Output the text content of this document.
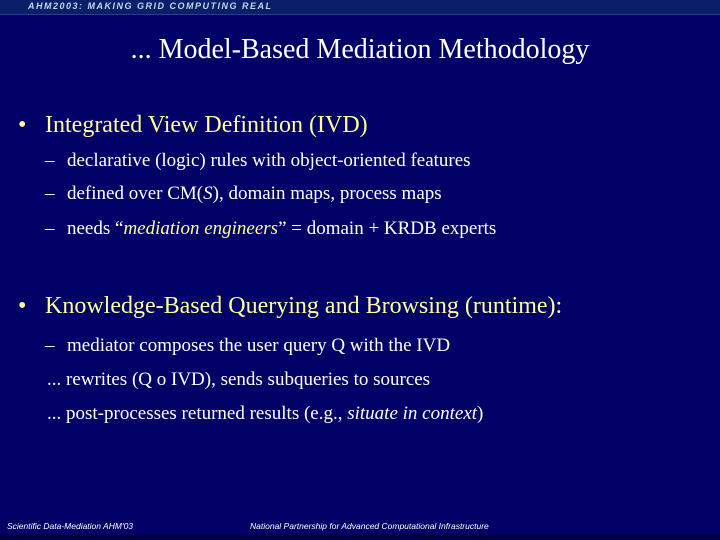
AHM2003: MAKING GRID COMPUTING REAL
... Model-Based Mediation Methodology
• Integrated View Definition (IVD)
– declarative (logic) rules with object-oriented features
– defined over CM(S), domain maps, process maps
– needs “mediation engineers” = domain + KRDB experts
• Knowledge-Based Querying and Browsing (runtime):
– mediator composes the user query Q with the IVD
... rewrites (Q o IVD), sends subqueries to sources
... post-processes returned results (e.g., situate in context)
Scientific Data-Mediation AHM'03	National Partnership for Advanced Computational Infrastructure
